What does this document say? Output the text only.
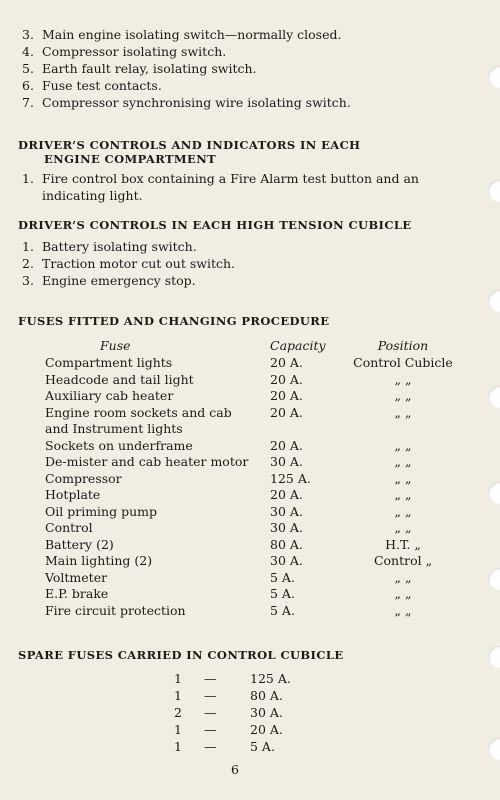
3. Main engine isolating switch—normally closed.
4. Compressor isolating switch.
5. Earth fault relay, isolating switch.
6. Fuse test contacts.
7. Compressor synchronising wire isolating switch.
DRIVER’S CONTROLS AND INDICATORS IN EACH
ENGINE COMPARTMENT
1. Fire control box containing a Fire Alarm test button and an
indicating light.
DRIVER’S CONTROLS IN EACH HIGH TENSION CUBICLE
1. Battery isolating switch.
2. Traction motor cut out switch.
3. Engine emergency stop.
FUSES FITTED AND CHANGING PROCEDURE
Fuse	Capacity	Position
Compartment lights	20 A.	Control Cubicle
Headcode and tail light	20 A.	„ „
Auxiliary cab heater	20 A.	„ „
Engine room sockets and cab	20 A.	„ „
and Instrument lights
Sockets on underframe	20 A.	„ „
De-mister and cab heater motor 30 A.	„ „
Compressor	125 A.	„ „
Hotplate	20 A.	„ „
Oil priming pump	30 A.	„ „
Control	30 A.	„ „
Battery (2)	80 A.	H.T. „
Main lighting (2)	30 A.	Control „
Voltmeter	5 A.	„ „
E.P. brake	5 A.	„ „
Fire circuit protection	5 A.	„ „
SPARE FUSES CARRIED IN CONTROL CUBICLE
1	—	125 A.
1	—	80 A.
2	—	30 A.
1	—	20 A.
1	—	5 A.
6
